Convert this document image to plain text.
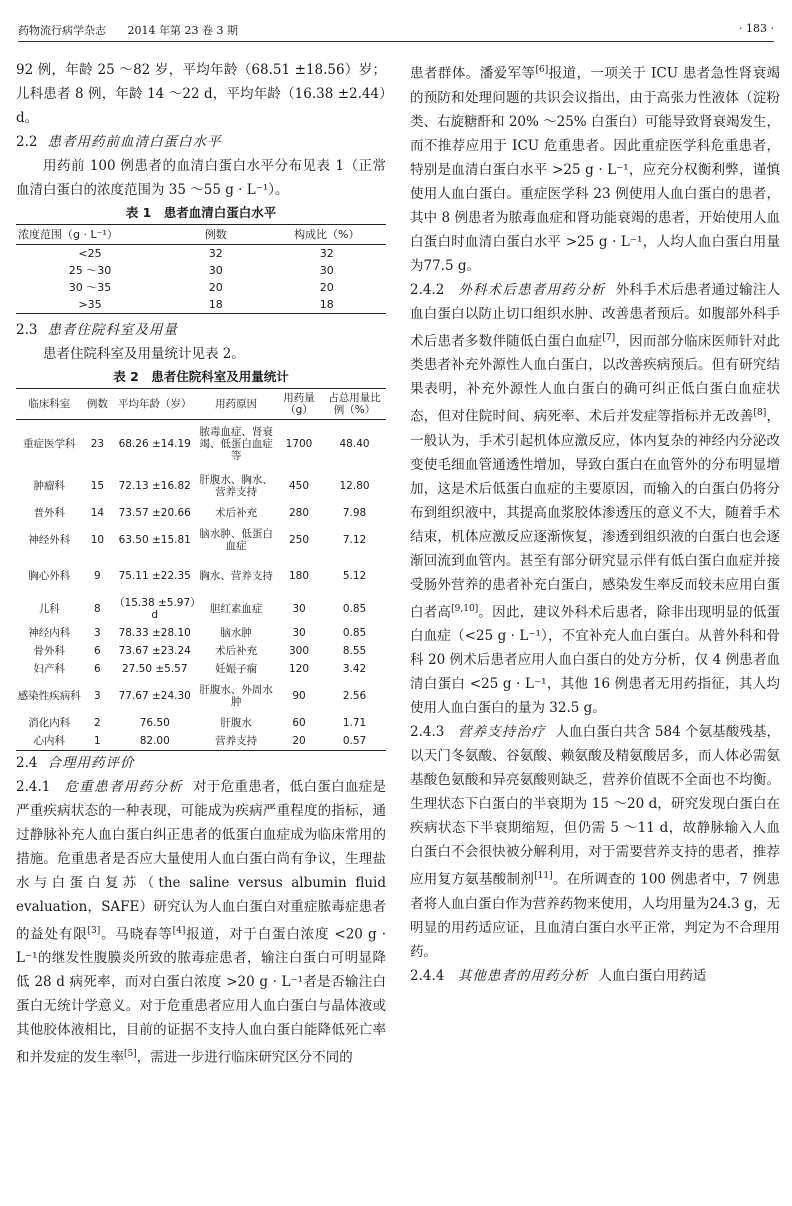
药物流行病学杂志 2014 年第 23 卷 3 期	· 183 ·

92 例，年龄 25 ～82 岁，平均年龄（68.51 ±18.56）岁；儿科患者 8 例，年龄 14 ～22 d，平均年龄（16.38 ±2.44）d。

2.2 患者用药前血清白蛋白水平

用药前 100 例患者的血清白蛋白水平分布见表 1（正常血清白蛋白的浓度范围为 35 ～55 g · L⁻¹）。

表 1　患者血清白蛋白水平
浓度范围（g · L⁻¹）	例数	构成比（%）
<25	32	32
25 ～30	30	30
30 ～35	20	20
>35	18	18
2.3 患者住院科室及用量

患者住院科室及用量统计见表 2。

表 2　患者住院科室及用量统计
临床科室	例数	平均年龄（岁）	用药原因	用药量（g）	占总用量比例（%）
重症医学科	23	68.26 ±14.19	脓毒血症、肾衰竭、低蛋白血症等	1700	48.40
肿瘤科	15	72.13 ±16.82	肝腹水、胸水、营养支持	450	12.80
普外科	14	73.57 ±20.66	术后补充	280	7.98
神经外科	10	63.50 ±15.81	脑水肿、低蛋白血症	250	7.12
胸心外科	9	75.11 ±22.35	胸水、营养支持	180	5.12
儿科	8	（15.38 ±5.97）d	胆红素血症	30	0.85
神经内科	3	78.33 ±28.10	脑水肿	30	0.85
骨外科	6	73.67 ±23.24	术后补充	300	8.55
妇产科	6	27.50 ±5.57	妊娠子痫	120	3.42
感染性疾病科	3	77.67 ±24.30	肝腹水、外周水肿	90	2.56
消化内科	2	76.50	肝腹水	60	1.71
心内科	1	82.00	营养支持	20	0.57
2.4 合理用药评价

2.4.1　 危重患者用药分析 对于危重患者，低白蛋白血症是严重疾病状态的一种表现，可能成为疾病严重程度的指标，通过静脉补充人血白蛋白纠正患者的低蛋白血症成为临床常用的措施。危重患者是否应大量使用人血白蛋白尚有争议，生理盐水与白蛋白复苏（the saline versus albumin fluid evaluation，SAFE）研究认为人血白蛋白对重症脓毒症患者的益处有限[3]。马晓春等[4]报道，对于白蛋白浓度 <20 g · L⁻¹的继发性腹膜炎所致的脓毒症患者，输注白蛋白可明显降低 28 d 病死率，而对白蛋白浓度 >20 g · L⁻¹者是否输注白蛋白无统计学意义。对于危重患者应用人血白蛋白与晶体液或其他胶体液相比，目前的证据不支持人血白蛋白能降低死亡率和并发症的发生率[5]，需进一步进行临床研究区分不同的

患者群体。潘爱军等[6]报道，一项关于 ICU 患者急性肾衰竭的预防和处理问题的共识会议指出，由于高张力性液体（淀粉类、右旋糖酐和 20% ～25% 白蛋白）可能导致肾衰竭发生，而不推荐应用于 ICU 危重患者。因此重症医学科危重患者，特别是血清白蛋白水平 >25 g · L⁻¹，应充分权衡利弊，谨慎使用人血白蛋白。重症医学科 23 例使用人血白蛋白的患者，其中 8 例患者为脓毒血症和肾功能衰竭的患者，开始使用人血白蛋白时血清白蛋白水平 >25 g · L⁻¹，人均人血白蛋白用量为77.5 g。

2.4.2　 外科术后患者用药分析 外科手术后患者通过输注人血白蛋白以防止切口组织水肿、改善患者预后。如腹部外科手术后患者多数伴随低白蛋白血症[7]，因而部分临床医师针对此类患者补充外源性人血白蛋白，以改善疾病预后。但有研究结果表明，补充外源性人血白蛋白的确可纠正低白蛋白血症状态，但对住院时间、病死率、术后并发症等指标并无改善[8]，一般认为，手术引起机体应激反应，体内复杂的神经内分泌改变使毛细血管通透性增加，导致白蛋白在血管外的分布明显增加，这是术后低蛋白血症的主要原因，而输入的白蛋白仍将分布到组织液中，其提高血浆胶体渗透压的意义不大，随着手术结束，机体应激反应逐渐恢复，渗透到组织液的白蛋白也会逐渐回流到血管内。甚至有部分研究显示伴有低白蛋白血症并接受肠外营养的患者补充白蛋白，感染发生率反而较未应用白蛋白者高[9,10]。因此，建议外科术后患者，除非出现明显的低蛋白血症（<25 g · L⁻¹），不宜补充人血白蛋白。从普外科和骨科 20 例术后患者应用人血白蛋白的处方分析，仅 4 例患者血清白蛋白 <25 g · L⁻¹，其他 16 例患者无用药指征，其人均使用人血白蛋白的量为 32.5 g。

2.4.3　 营养支持治疗 人血白蛋白共含 584 个氨基酸残基，以天门冬氨酸、谷氨酸、赖氨酸及精氨酸居多，而人体必需氨基酸色氨酸和异亮氨酸则缺乏，营养价值既不全面也不均衡。生理状态下白蛋白的半衰期为 15 ～20 d，研究发现白蛋白在疾病状态下半衰期缩短，但仍需 5 ～11 d，故静脉输入人血白蛋白不会很快被分解利用，对于需要营养支持的患者，推荐应用复方氨基酸制剂[11]。在所调查的 100 例患者中，7 例患者将人血白蛋白作为营养药物来使用，人均用量为24.3 g，无明显的用药适应证，且血清白蛋白水平正常，判定为不合理用药。

2.4.4　 其他患者的用药分析 人血白蛋白用药适
